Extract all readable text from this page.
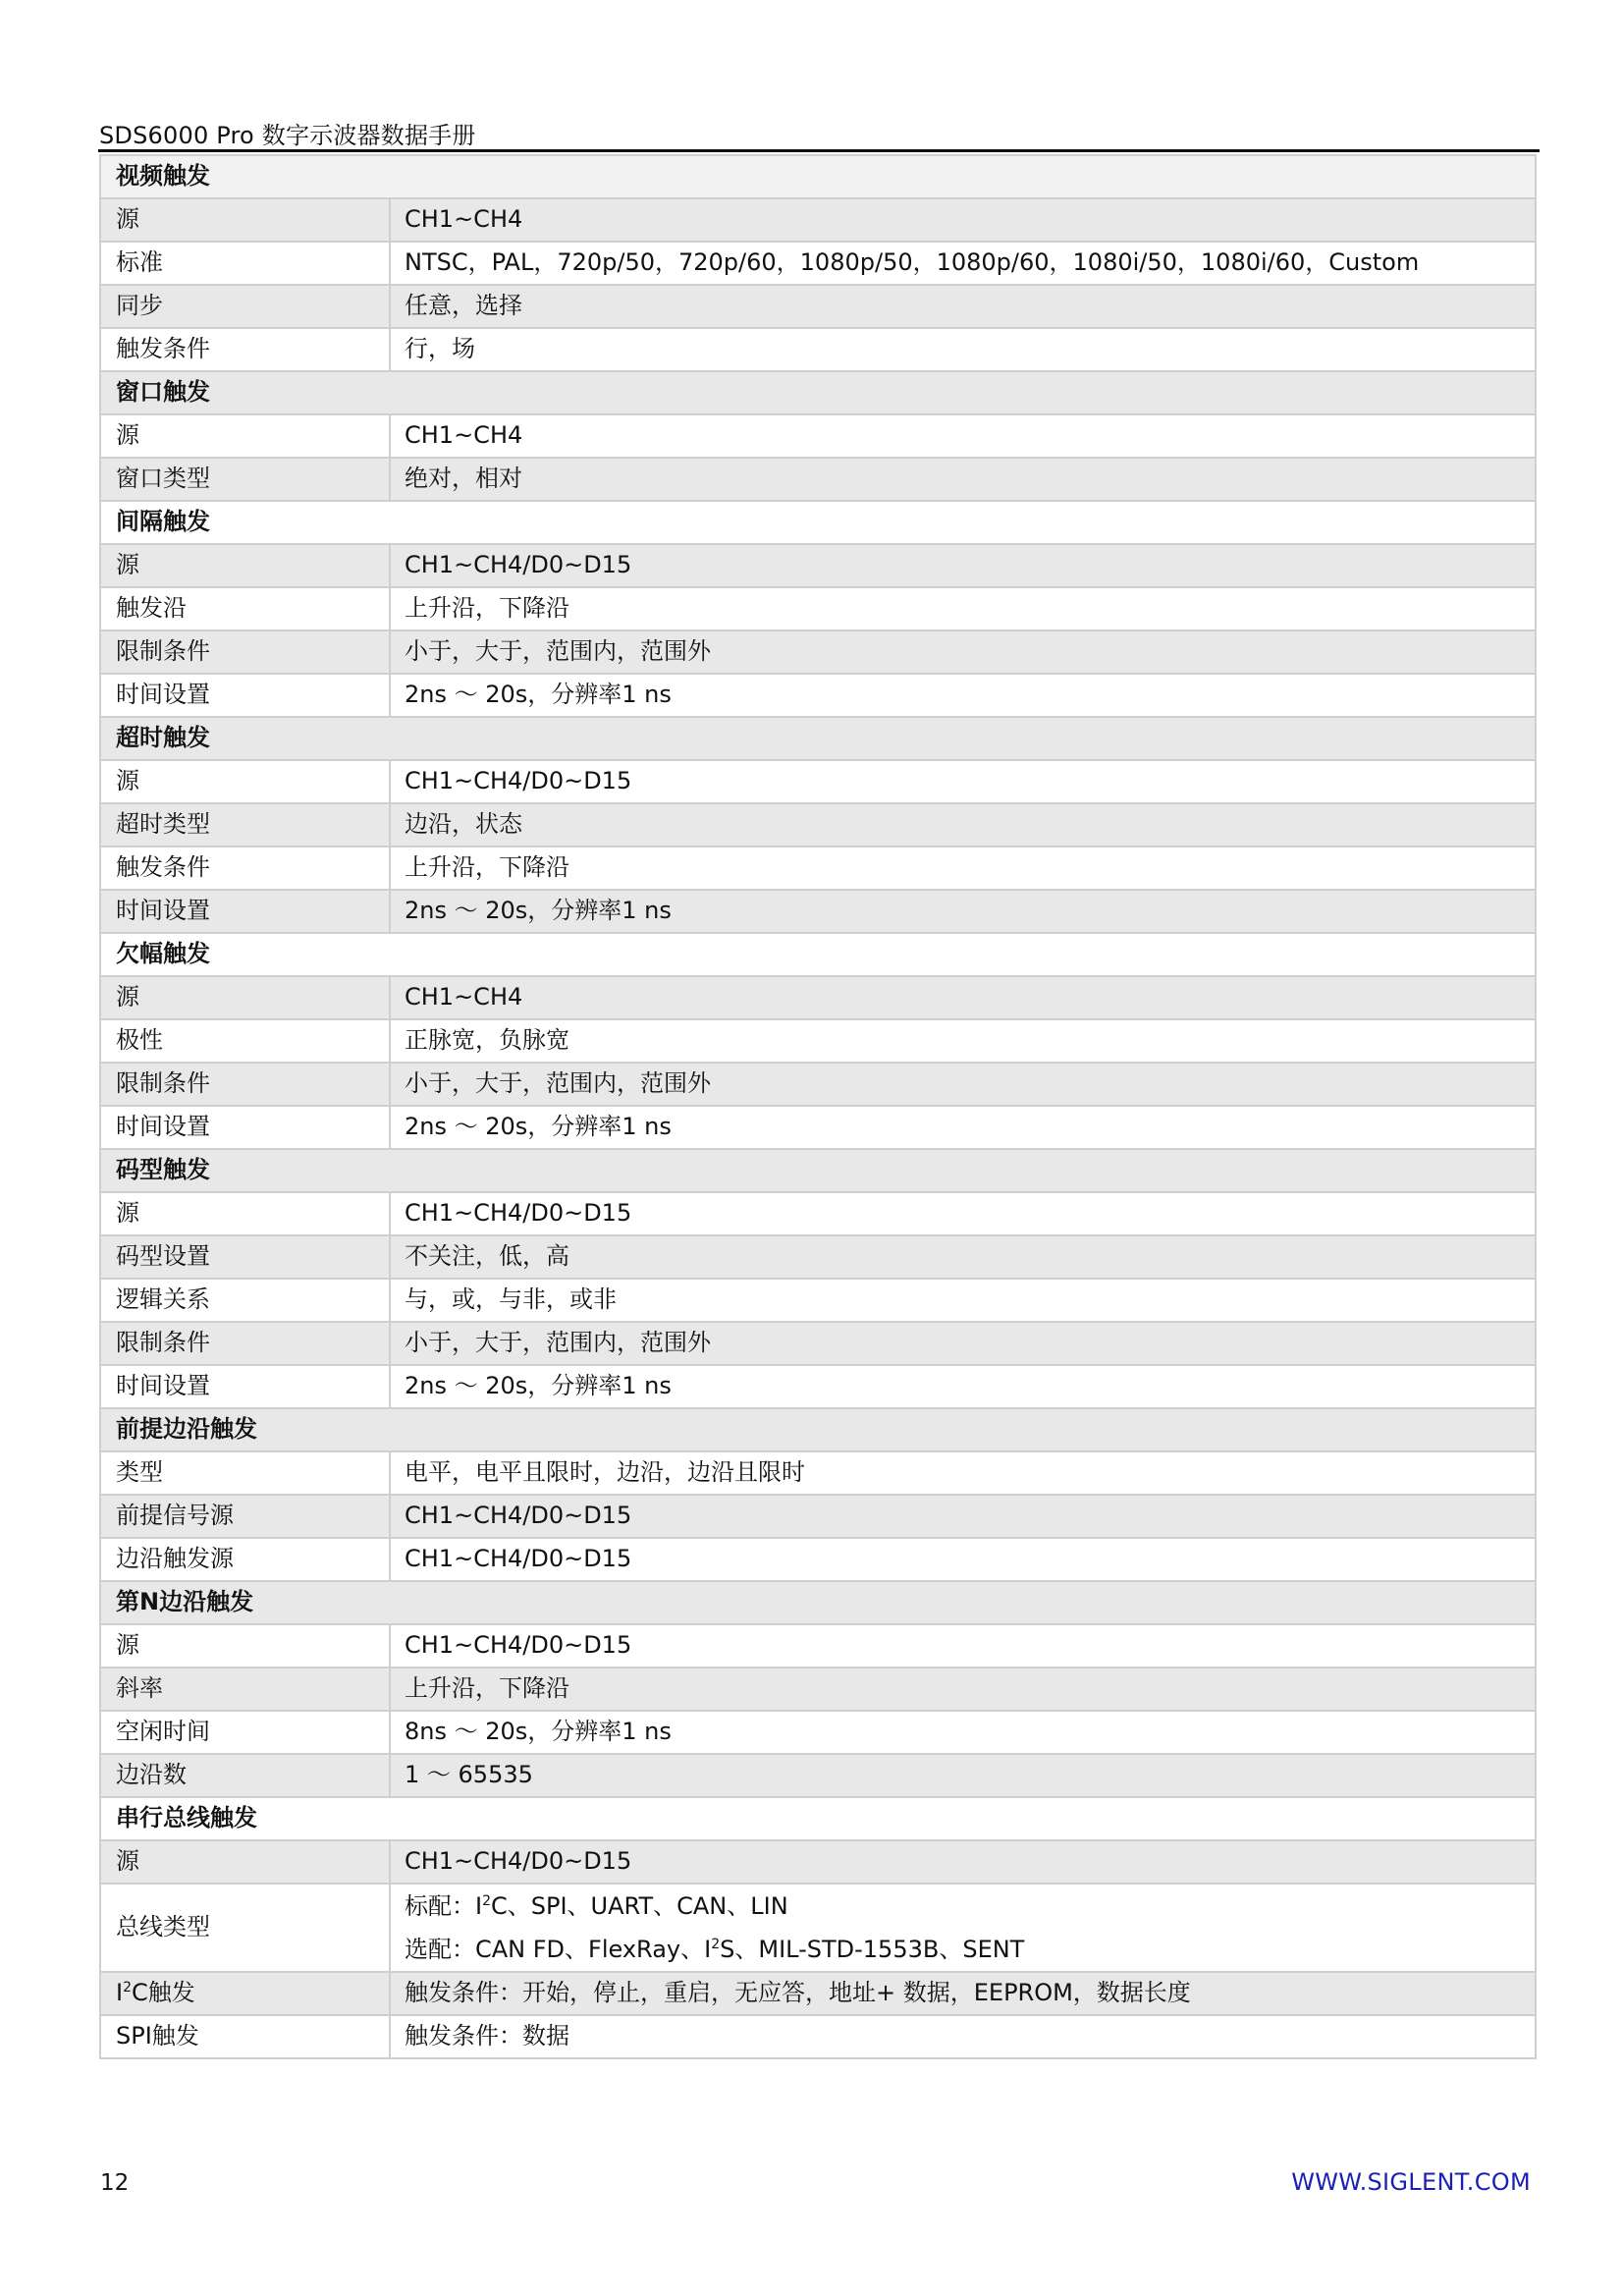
SDS6000 Pro 数字示波器数据手册
视频触发	
源	CH1~CH4
标准	NTSC，PAL，720p/50，720p/60，1080p/50，1080p/60，1080i/50，1080i/60，Custom
同步	任意，选择
触发条件	行，场
窗口触发	
源	CH1~CH4
窗口类型	绝对，相对
间隔触发	
源	CH1~CH4/D0~D15
触发沿	上升沿，下降沿
限制条件	小于，大于，范围内，范围外
时间设置	2ns ～ 20s，分辨率1 ns
超时触发	
源	CH1~CH4/D0~D15
超时类型	边沿，状态
触发条件	上升沿，下降沿
时间设置	2ns ～ 20s，分辨率1 ns
欠幅触发	
源	CH1~CH4
极性	正脉宽，负脉宽
限制条件	小于，大于，范围内，范围外
时间设置	2ns ～ 20s，分辨率1 ns
码型触发	
源	CH1~CH4/D0~D15
码型设置	不关注，低，高
逻辑关系	与，或，与非，或非
限制条件	小于，大于，范围内，范围外
时间设置	2ns ～ 20s，分辨率1 ns
前提边沿触发	
类型	电平，电平且限时，边沿，边沿且限时
前提信号源	CH1~CH4/D0~D15
边沿触发源	CH1~CH4/D0~D15
第N边沿触发	
源	CH1~CH4/D0~D15
斜率	上升沿，下降沿
空闲时间	8ns ～ 20s，分辨率1 ns
边沿数	1 ～ 65535
串行总线触发	
源	CH1~CH4/D0~D15
总线类型	标配：$I^2C$、SPI、UART、CAN、LIN
选配：CAN FD、FlexRay、$I^2S$、MIL-STD-1553B、SENT

$I^2C$触发	触发条件：开始，停止，重启，无应答，地址+ 数据，EEPROM，数据长度
SPI触发	触发条件：数据
12	WWW.SIGLENT.COM
